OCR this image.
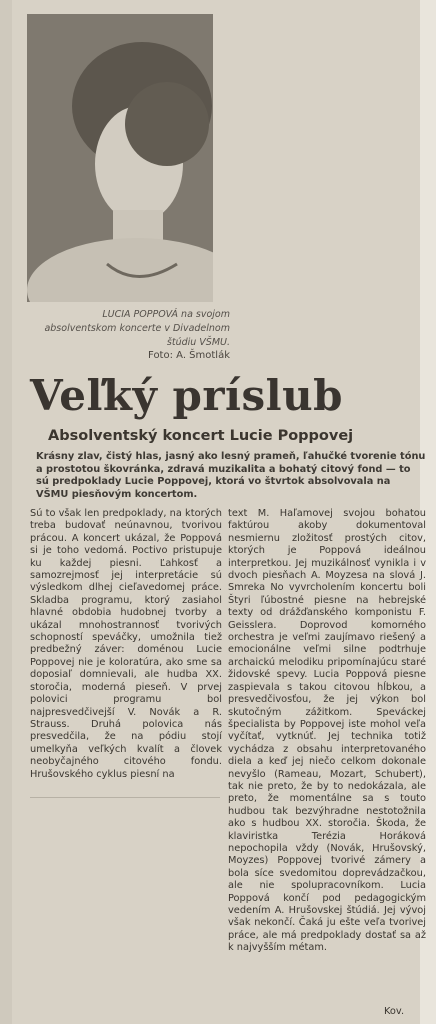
LUCIA POPPOVÁ na svojom absolventskom koncerte v Divadelnom štúdiu VŠMU.
Foto: A. Šmotlák
Veľký príslub
Absolventský koncert Lucie Poppovej
Krásny zlav, čistý hlas, jasný ako lesný prameň, ľahučké tvorenie tónu a prostotou škovránka, zdravá muzikalita a bohatý citový fond — to sú predpoklady Lucie Poppovej, ktorá vo štvrtok absolvovala na VŠMU piesňovým koncertom.
Sú to však len predpoklady, na ktorých treba budovať neúnavnou, tvorivou prácou. A koncert ukázal, že Poppová si je toho vedomá. Poctivo pristupuje ku každej piesni. Ľahkosť a samozrejmosť jej interpretácie sú výsledkom dlhej cieľavedomej práce. Skladba programu, ktorý zasiahol hlavné obdobia hudobnej tvorby a ukázal mnohostrannosť tvorivých schopností speváčky, umožnila tiež predbežný záver: doménou Lucie Poppovej nie je koloratúra, ako sme sa doposiaľ domnievali, ale hudba XX. storočia, moderná pieseň. V prvej polovici programu bol najpresvedčivejší V. Novák a R. Strauss. Druhá polovica nás presvedčila, že na pódiu stojí umelkyňa veľkých kvalít a človek neobyčajného citového fondu. Hrušovského cyklus piesní na
text M. Haľamovej svojou bohatou faktúrou akoby dokumentoval nesmiernu zložitosť prostých citov, ktorých je Poppová ideálnou interpretkou. Jej muzikálnosť vynikla i v dvoch piesňach A. Moyzesa na slová J. Smreka No vyvrcholením koncertu boli Štyri ľúbostné piesne na hebrejské texty od drážďanského komponistu F. Geisslera. Doprovod komorného orchestra je veľmi zaujímavo riešený a emocionálne veľmi silne podtrhuje archaickú melodiku pripomínajúcu staré židovské spevy. Lucia Poppová piesne zaspievala s takou citovou hĺbkou, a presvedčivosťou, že jej výkon bol skutočným zážitkom. Speváckej špecialista by Poppovej iste mohol veľa vyčítať, vytknúť. Jej technika totiž vychádza z obsahu interpretovaného diela a keď jej niečo celkom dokonale nevyšlo (Rameau, Mozart, Schubert), tak nie preto, že by to nedokázala, ale preto, že momentálne sa s touto hudbou tak bezvýhradne nestotožnila ako s hudbou XX. storočia. Škoda, že klaviristka Terézia Horáková nepochopila vždy (Novák, Hrušovský, Moyzes) Poppovej tvorivé zámery a bola síce svedomitou doprevádzačkou, ale nie spolupracovníkom. Lucia Poppová končí pod pedagogickým vedením A. Hrušovskej štúdiá. Jej vývoj však nekončí. Čaká ju ešte veľa tvorivej práce, ale má predpoklady dostať sa až k najvyšším métam.
Kov.
